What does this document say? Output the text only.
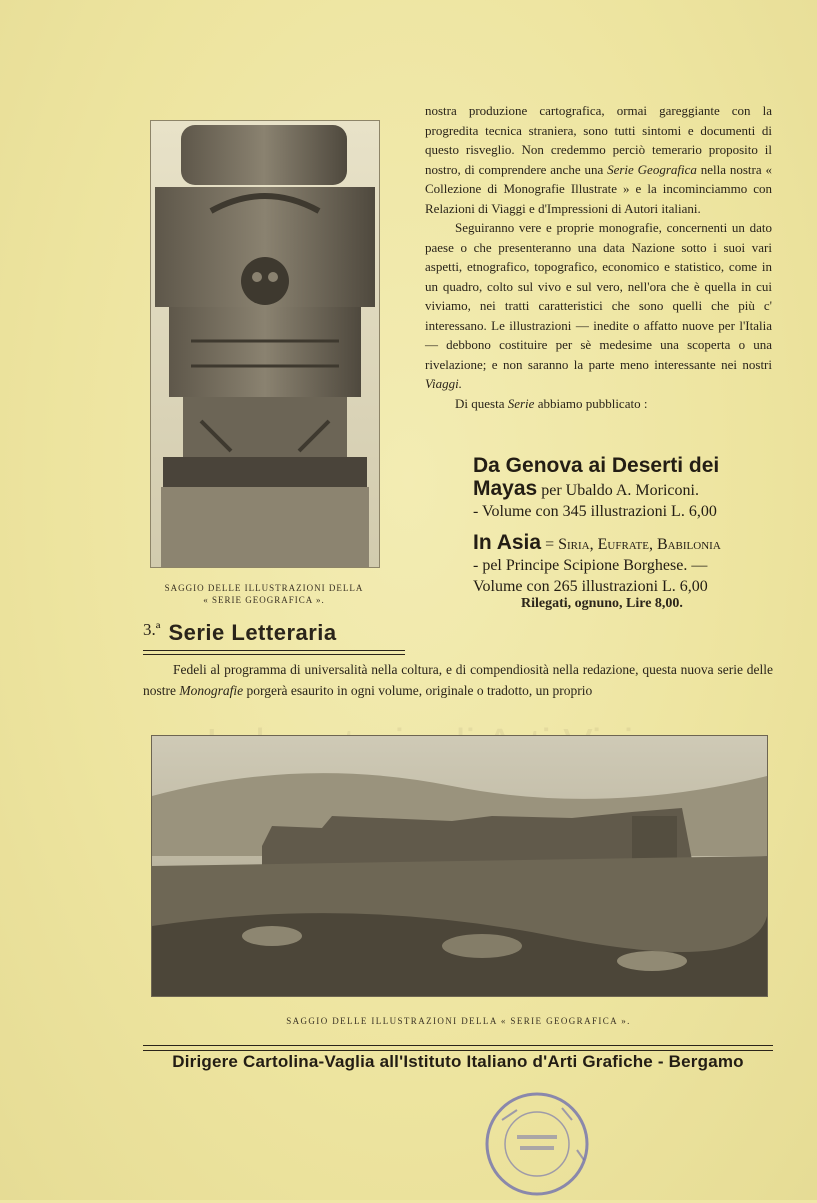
SAGGIO DELLE ILLUSTRAZIONI DELLA
« SERIE GEOGRAFICA ».

nostra produzione cartografica, ormai gareggiante con la progredita tecnica straniera, sono tutti sintomi e documenti di questo risveglio. Non credemmo perciò temerario proposito il nostro, di comprendere anche una Serie Geografica nella nostra « Collezione di Monografie Illustrate » e la incominciammo con Relazioni di Viaggi e d'Impressioni di Autori italiani.

Seguiranno vere e proprie monografie, concernenti un dato paese o che presenteranno una data Nazione sotto i suoi vari aspetti, etnografico, topografico, economico e statistico, come in un quadro, colto sul vivo e sul vero, nell'ora che è quella in cui viviamo, nei tratti caratteristici che sono quelli che più c' interessano. Le illustrazioni — inedite o affatto nuove per l'Italia — debbono costituire per sè medesime una scoperta o una rivelazione; e non saranno la parte meno interessante nei nostri Viaggi.

Di questa Serie abbiamo pubblicato :

Da Genova ai Deserti dei
Mayas per Ubaldo A. Moriconi.
- Volume con 345 illustrazioni L. 6,00
In Asia = Siria, Eufrate, Babilonia
- pel Principe Scipione Borghese. —
Volume con 265 illustrazioni L. 6,00
Rilegati, ognuno, Lire 8,00.
3.ª Serie Letteraria
Fedeli al programma di universalità nella coltura, e di compendiosità nella redazione, questa nuova serie delle nostre Monografie porgerà esaurito in ogni volume, originale o tradotto, un proprio
SAGGIO DELLE ILLUSTRAZIONI DELLA « SERIE GEOGRAFICA ».
Dirigere Cartolina-Vaglia all'Istituto Italiano d'Arti Grafiche - Bergamo
